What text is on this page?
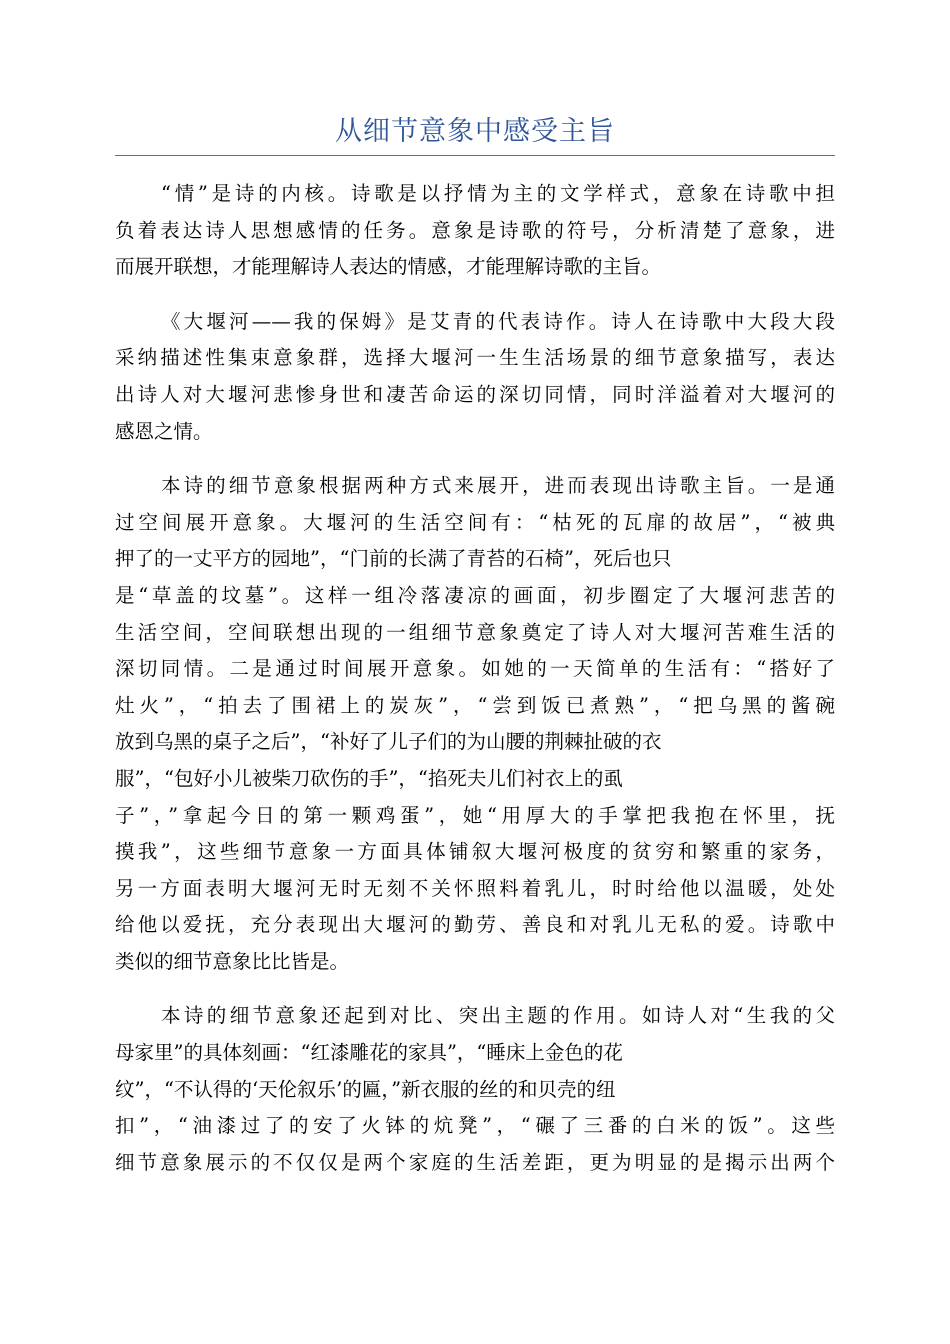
从细节意象中感受主旨
“情”是诗的内核。诗歌是以抒情为主的文学样式，意象在诗歌中担
负着表达诗人思想感情的任务。意象是诗歌的符号，分析清楚了意象，进
而展开联想，才能理解诗人表达的情感，才能理解诗歌的主旨。
《大堰河——我的保姆》是艾青的代表诗作。诗人在诗歌中大段大段
采纳描述性集束意象群，选择大堰河一生生活场景的细节意象描写，表达
出诗人对大堰河悲惨身世和凄苦命运的深切同情，同时洋溢着对大堰河的
感恩之情。
本诗的细节意象根据两种方式来展开，进而表现出诗歌主旨。一是通
过空间展开意象。大堰河的生活空间有：“枯死的瓦扉的故居”，“被典
押了的一丈平方的园地”，“门前的长满了青苔的石椅”，死后也只
是“草盖的坟墓”。这样一组冷落凄凉的画面，初步圈定了大堰河悲苦的
生活空间，空间联想出现的一组细节意象奠定了诗人对大堰河苦难生活的
深切同情。二是通过时间展开意象。如她的一天简单的生活有：“搭好了
灶火”，“拍去了围裙上的炭灰”，“尝到饭已煮熟”，“把乌黑的酱碗
放到乌黑的桌子之后”，“补好了儿子们的为山腰的荆棘扯破的衣
服”，“包好小儿被柴刀砍伤的手”，“掐死夫儿们衬衣上的虱
子”，”拿起今日的第一颗鸡蛋”，她“用厚大的手掌把我抱在怀里，抚
摸我”，这些细节意象一方面具体铺叙大堰河极度的贫穷和繁重的家务，
另一方面表明大堰河无时无刻不关怀照料着乳儿，时时给他以温暖，处处
给他以爱抚，充分表现出大堰河的勤劳、善良和对乳儿无私的爱。诗歌中
类似的细节意象比比皆是。
本诗的细节意象还起到对比、突出主题的作用。如诗人对“生我的父
母家里”的具体刻画：“红漆雕花的家具”，“睡床上金色的花
纹”，“不认得的‘天伦叙乐’的匾，”新衣服的丝的和贝壳的纽
扣”，“油漆过了的安了火钵的炕凳”，“碾了三番的白米的饭”。这些
细节意象展示的不仅仅是两个家庭的生活差距，更为明显的是揭示出两个
